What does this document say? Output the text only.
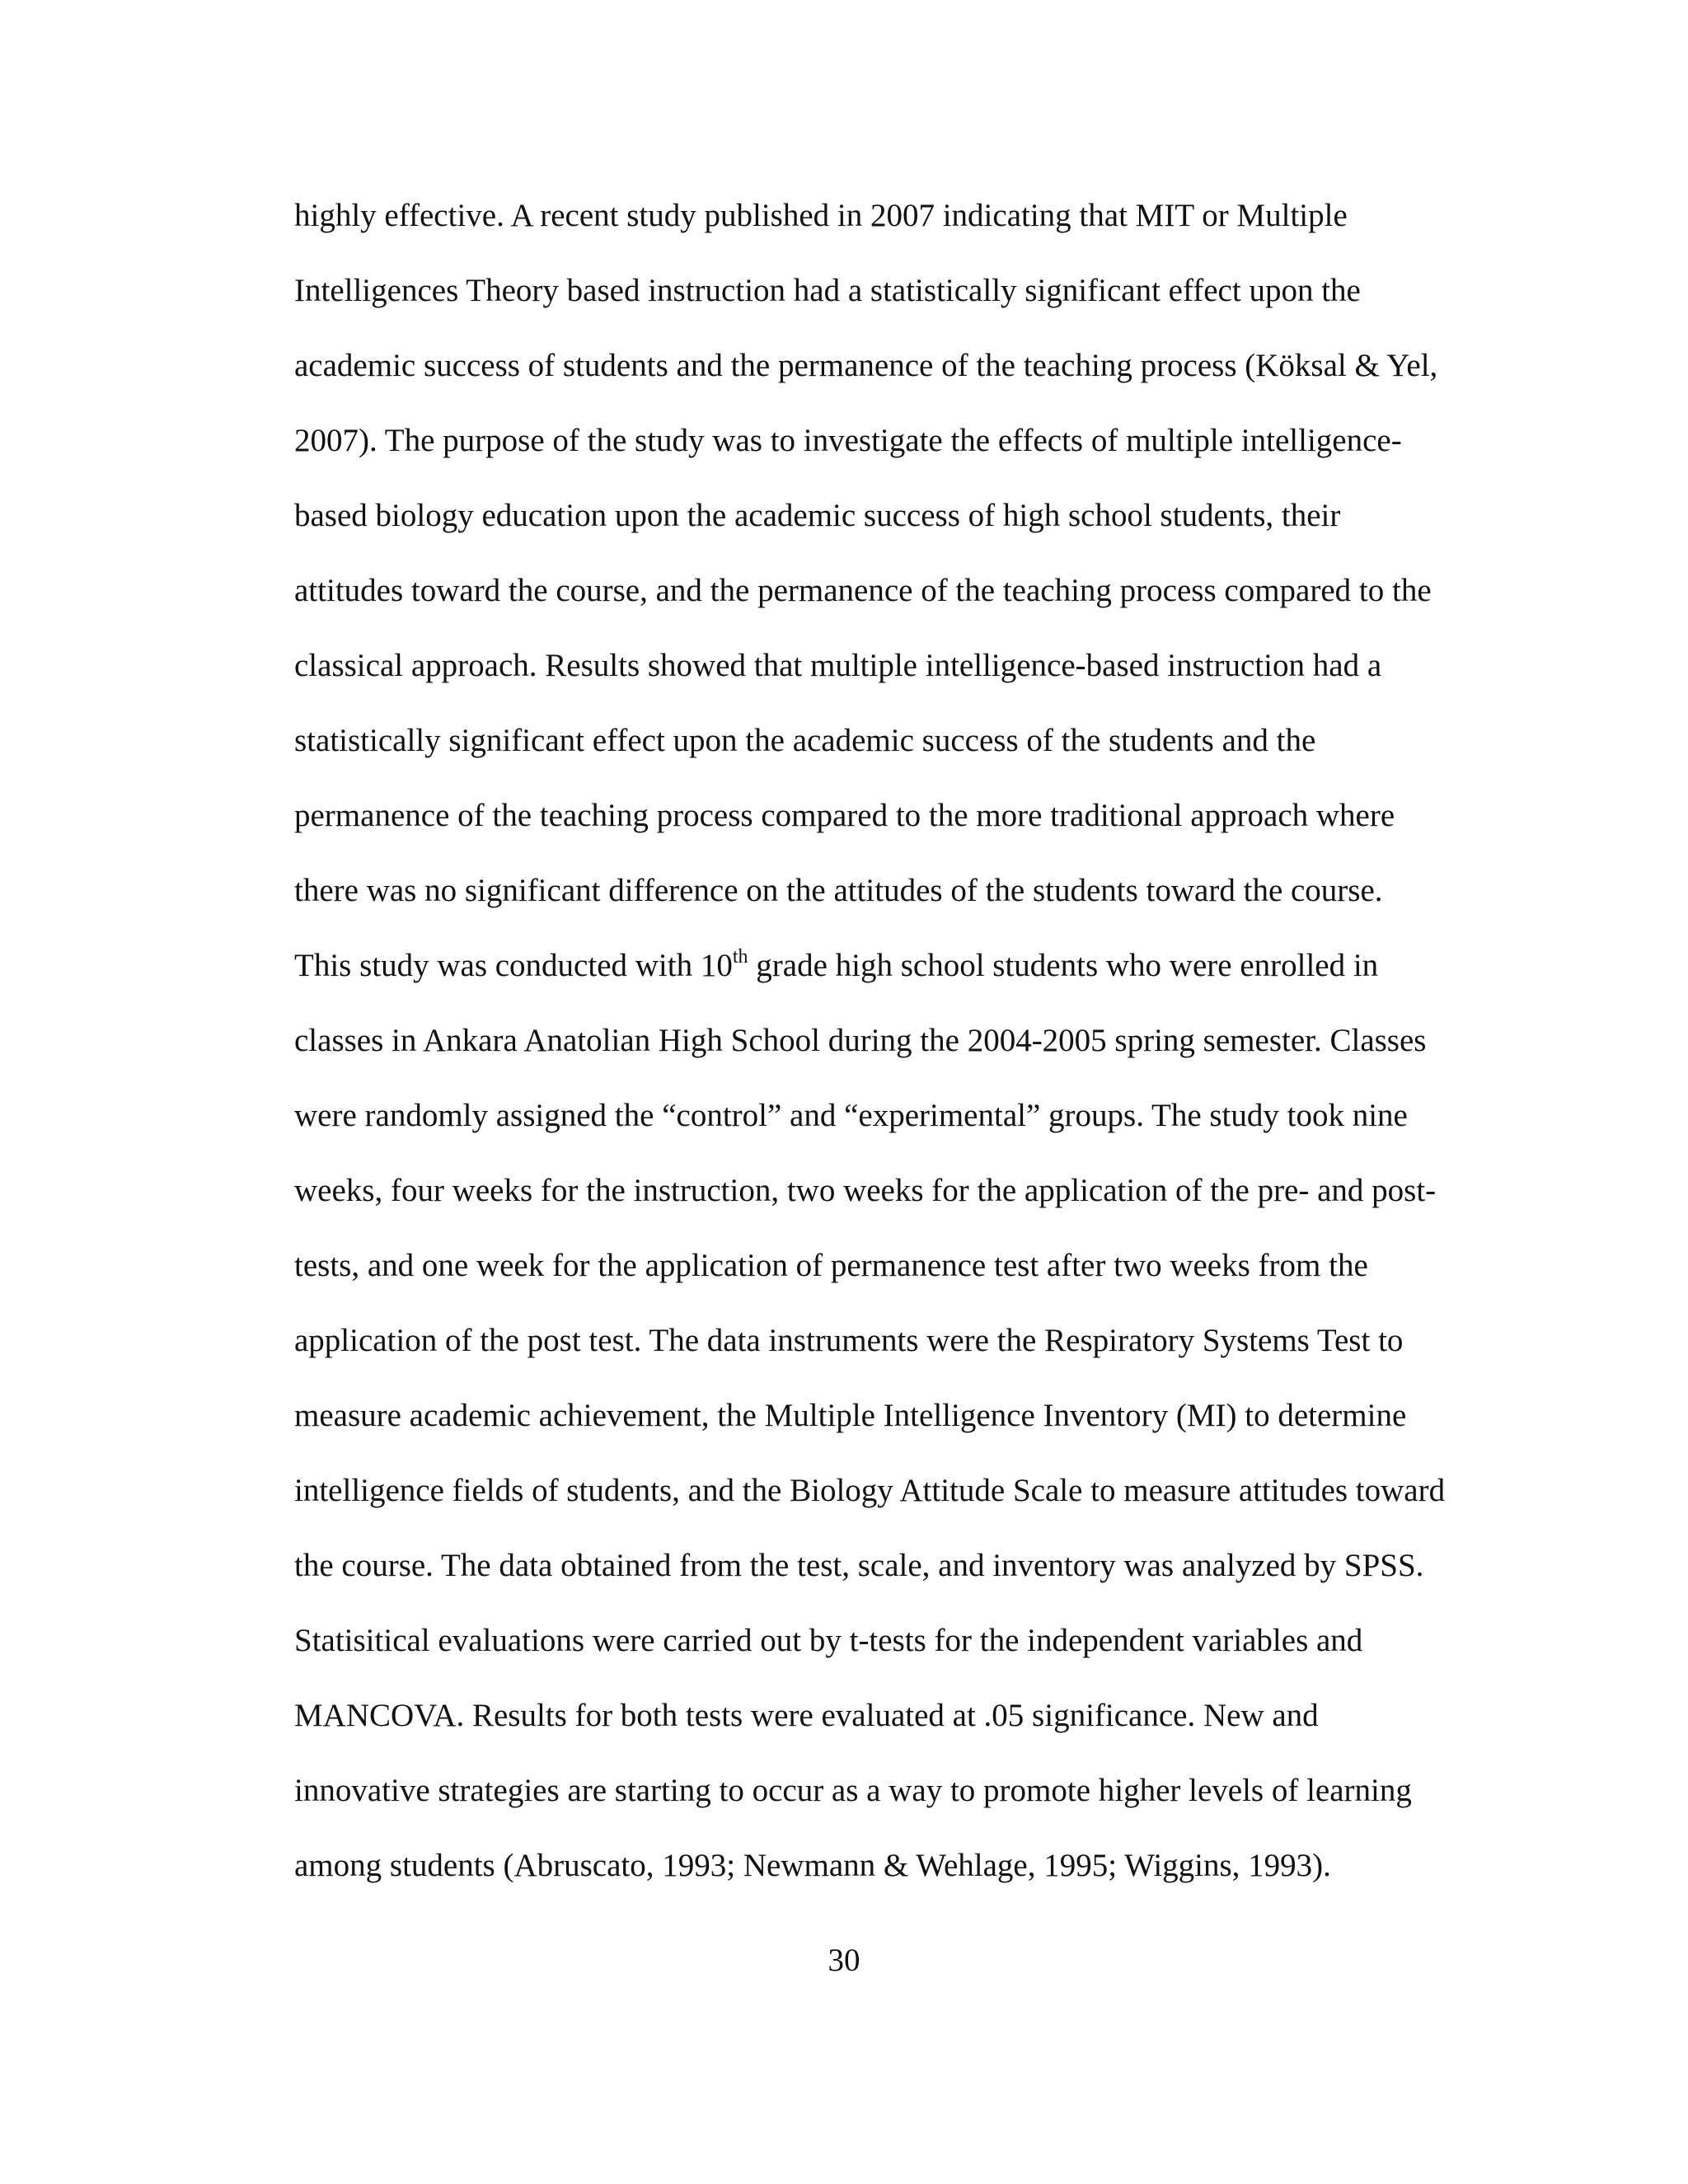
highly effective. A recent study published in 2007 indicating that MIT or Multiple
Intelligences Theory based instruction had a statistically significant effect upon the
academic success of students and the permanence of the teaching process (Köksal & Yel,
2007). The purpose of the study was to investigate the effects of multiple intelligence-
based biology education upon the academic success of high school students, their
attitudes toward the course, and the permanence of the teaching process compared to the
classical approach. Results showed that multiple intelligence-based instruction had a
statistically significant effect upon the academic success of the students and the
permanence of the teaching process compared to the more traditional approach where
there was no significant difference on the attitudes of the students toward the course.
This study was conducted with 10th grade high school students who were enrolled in
classes in Ankara Anatolian High School during the 2004-2005 spring semester. Classes
were randomly assigned the “control” and “experimental” groups. The study took nine
weeks, four weeks for the instruction, two weeks for the application of the pre- and post-
tests, and one week for the application of permanence test after two weeks from the
application of the post test. The data instruments were the Respiratory Systems Test to
measure academic achievement, the Multiple Intelligence Inventory (MI) to determine
intelligence fields of students, and the Biology Attitude Scale to measure attitudes toward
the course. The data obtained from the test, scale, and inventory was analyzed by SPSS.
Statisitical evaluations were carried out by t-tests for the independent variables and
MANCOVA. Results for both tests were evaluated at .05 significance. New and
innovative strategies are starting to occur as a way to promote higher levels of learning
among students (Abruscato, 1993; Newmann & Wehlage, 1995; Wiggins, 1993).

30
